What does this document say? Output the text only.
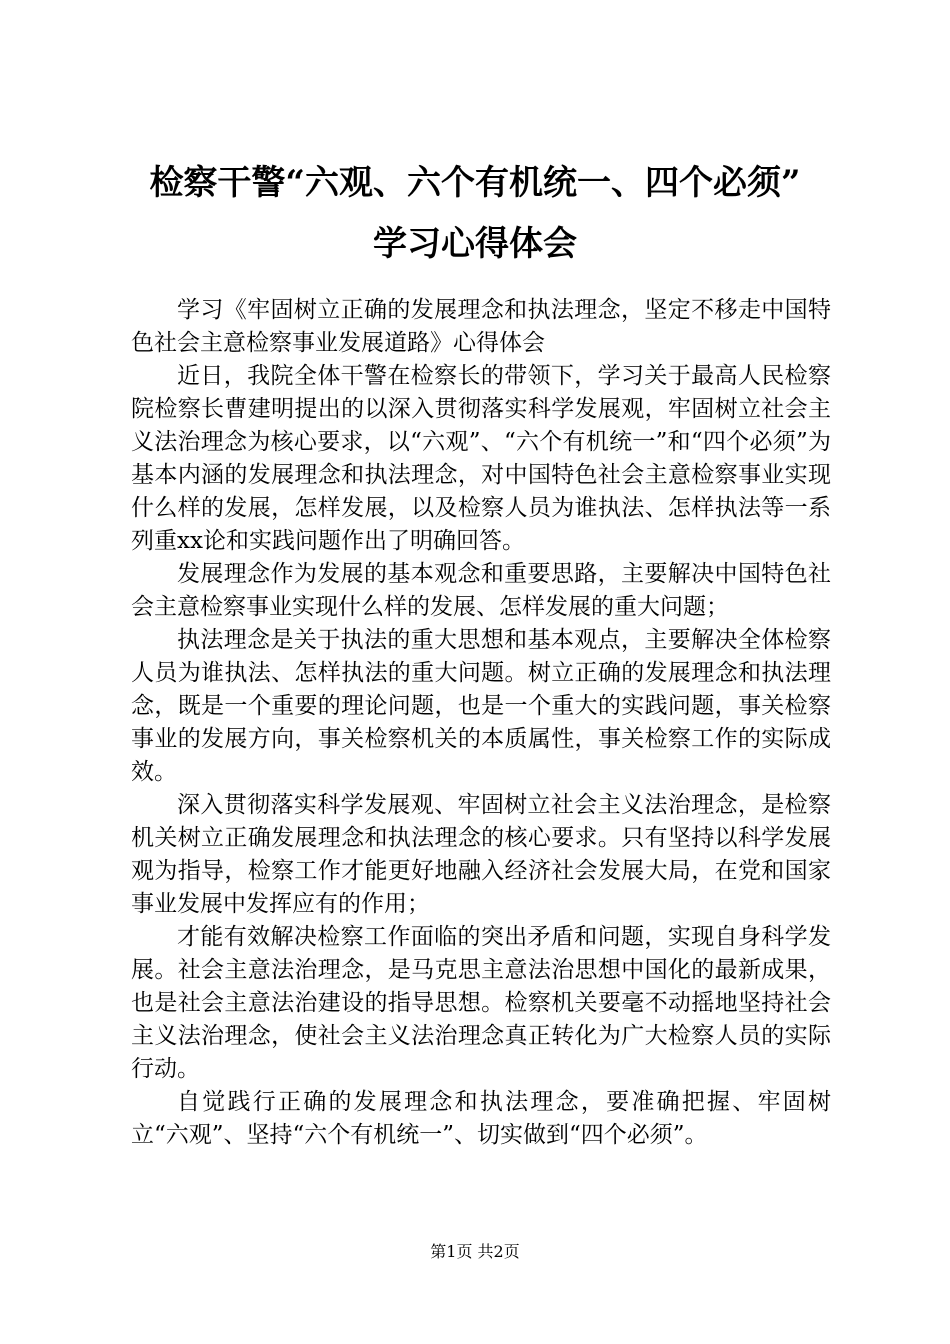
检察干警“六观、六个有机统一、四个必须”
学习心得体会

学习《牢固树立正确的发展理念和执法理念，坚定不移走中国特色社会主意检察事业发展道路》心得体会

近日，我院全体干警在检察长的带领下，学习关于最高人民检察院检察长曹建明提出的以深入贯彻落实科学发展观，牢固树立社会主义法治理念为核心要求，以“六观”、“六个有机统一”和“四个必须”为基本内涵的发展理念和执法理念，对中国特色社会主意检察事业实现什么样的发展，怎样发展，以及检察人员为谁执法、怎样执法等一系列重xx论和实践问题作出了明确回答。

发展理念作为发展的基本观念和重要思路，主要解决中国特色社会主意检察事业实现什么样的发展、怎样发展的重大问题；

执法理念是关于执法的重大思想和基本观点，主要解决全体检察人员为谁执法、怎样执法的重大问题。树立正确的发展理念和执法理念，既是一个重要的理论问题，也是一个重大的实践问题，事关检察事业的发展方向，事关检察机关的本质属性，事关检察工作的实际成效。

深入贯彻落实科学发展观、牢固树立社会主义法治理念，是检察机关树立正确发展理念和执法理念的核心要求。只有坚持以科学发展观为指导，检察工作才能更好地融入经济社会发展大局，在党和国家事业发展中发挥应有的作用；

才能有效解决检察工作面临的突出矛盾和问题，实现自身科学发展。社会主意法治理念，是马克思主意法治思想中国化的最新成果，也是社会主意法治建设的指导思想。检察机关要毫不动摇地坚持社会主义法治理念，使社会主义法治理念真正转化为广大检察人员的实际行动。

自觉践行正确的发展理念和执法理念，要准确把握、牢固树立“六观”、坚持“六个有机统一”、切实做到“四个必须”。

第1页 共2页
